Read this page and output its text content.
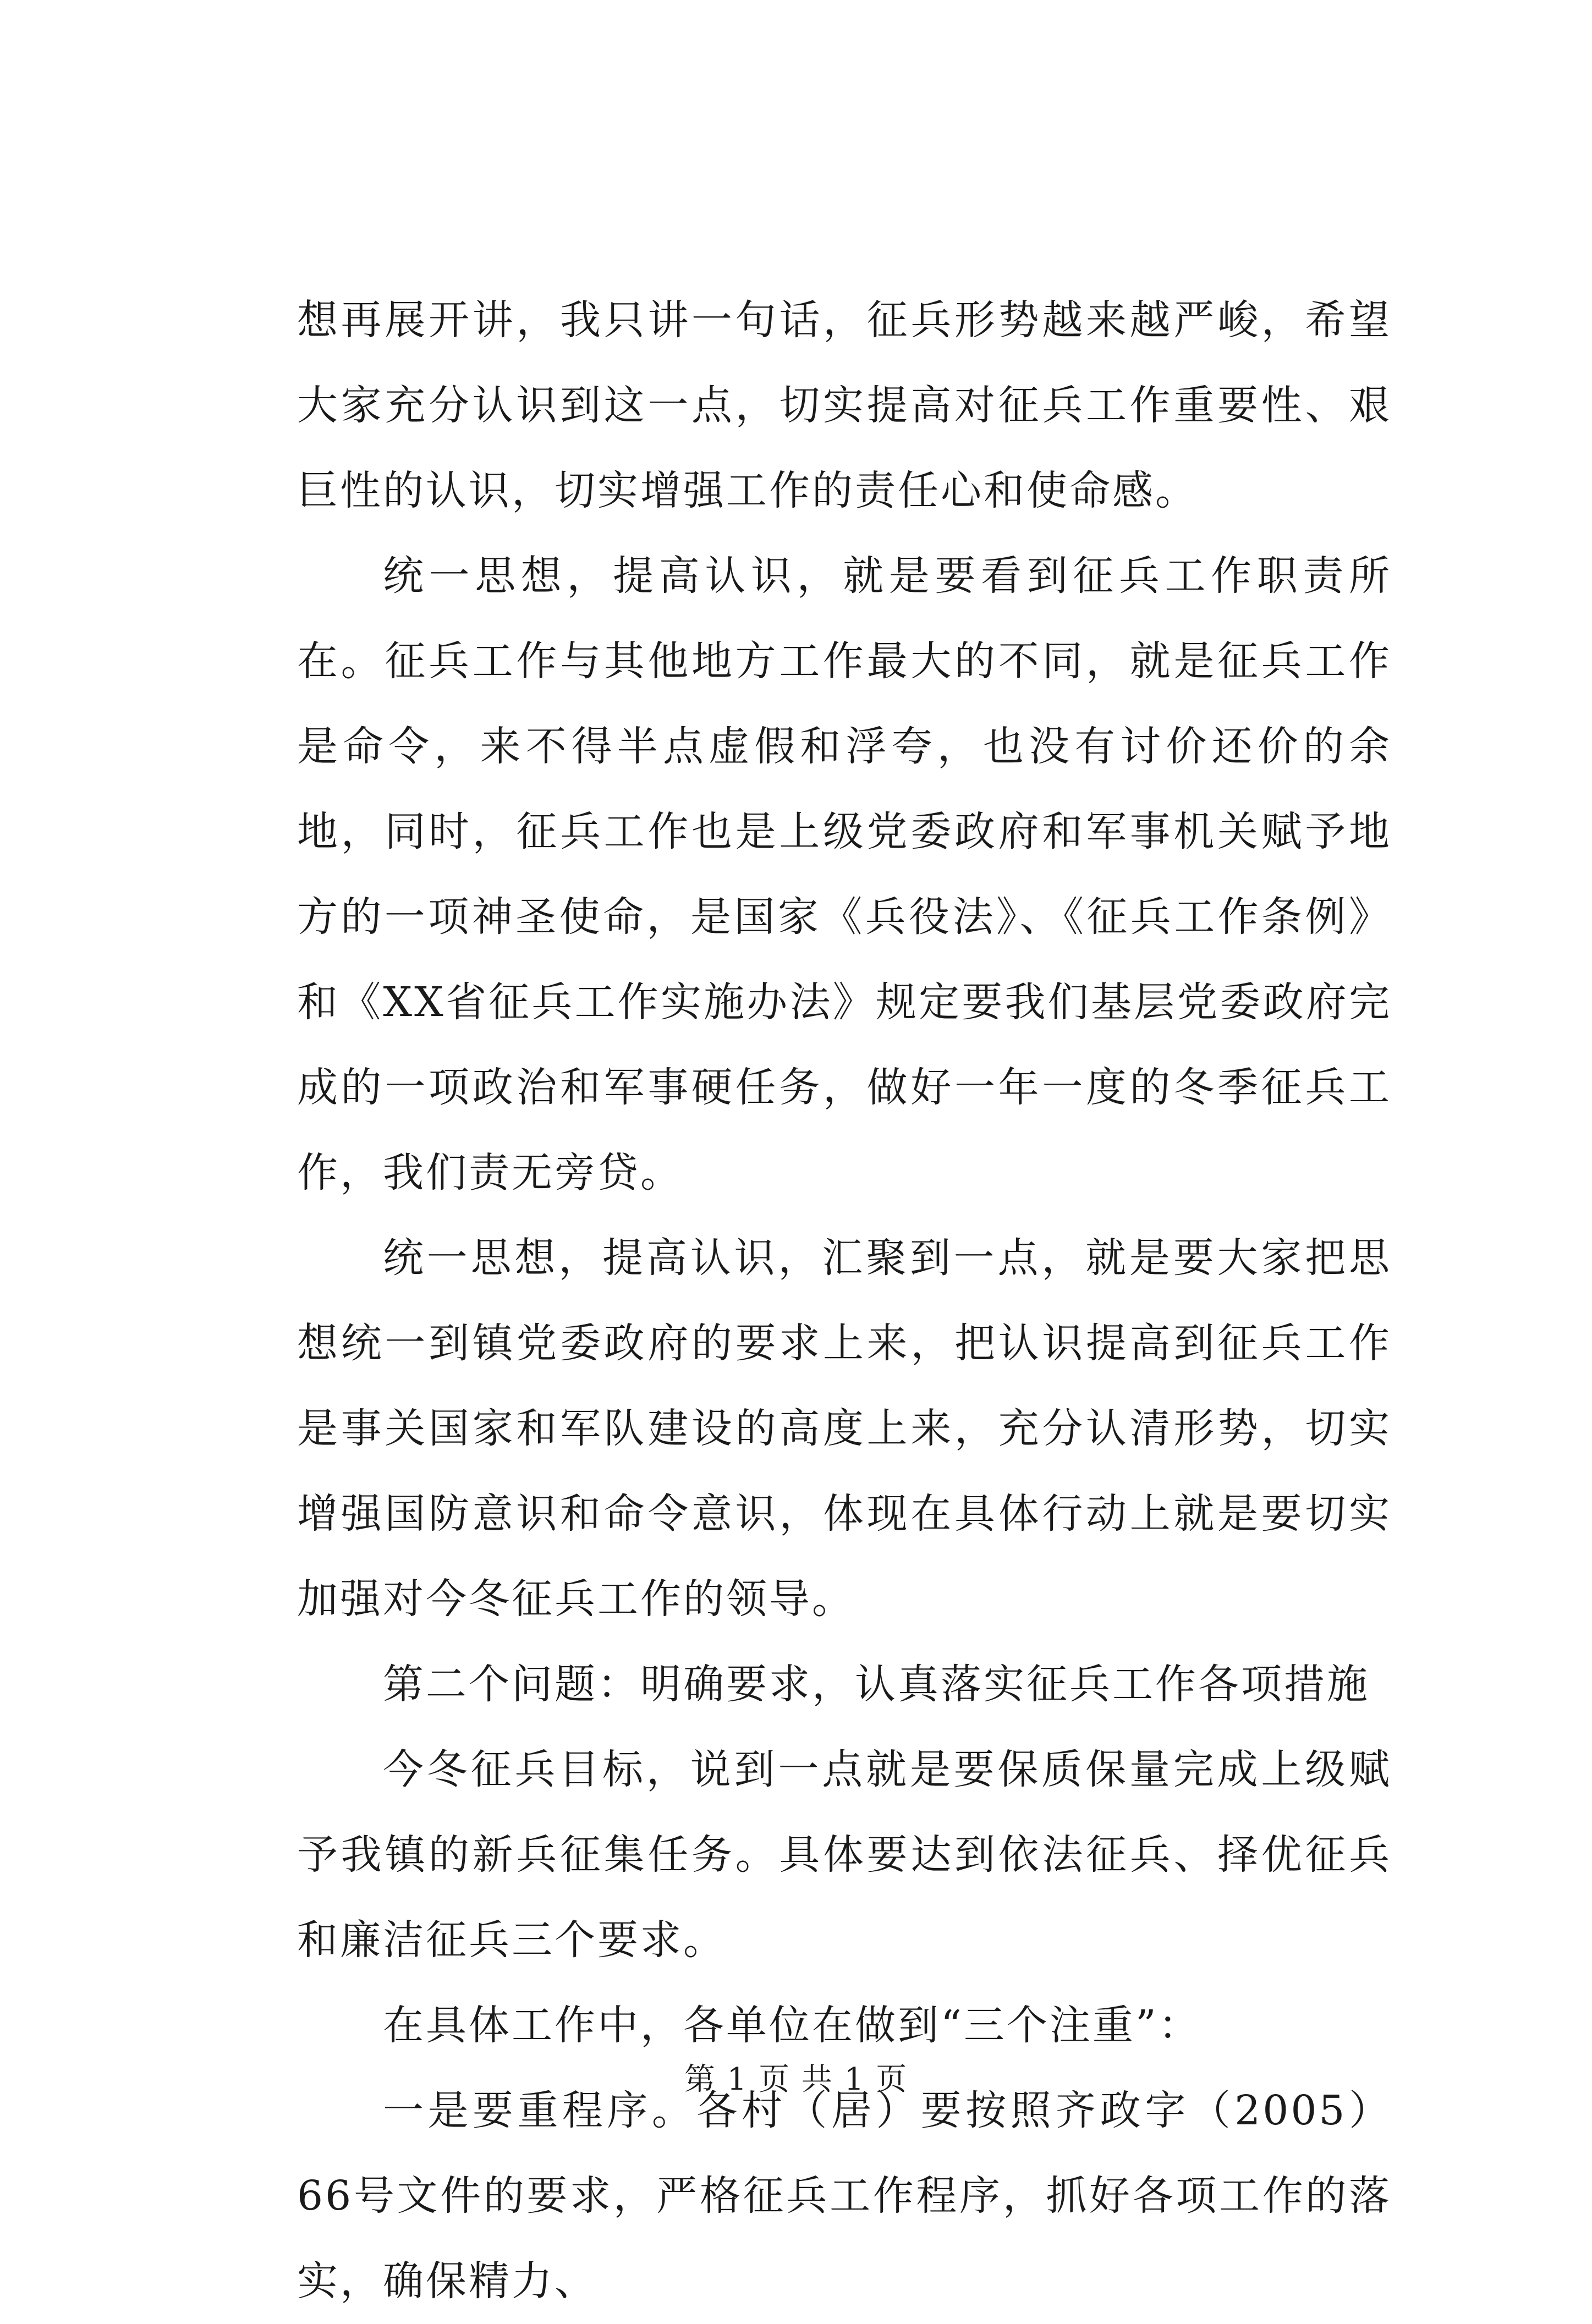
想再展开讲，我只讲一句话，征兵形势越来越严峻，希望大家充分认识到这一点，切实提高对征兵工作重要性、艰巨性的认识，切实增强工作的责任心和使命感。

统一思想，提高认识，就是要看到征兵工作职责所在。征兵工作与其他地方工作最大的不同，就是征兵工作是命令，来不得半点虚假和浮夸，也没有讨价还价的余地，同时，征兵工作也是上级党委政府和军事机关赋予地方的一项神圣使命，是国家《兵役法》、《征兵工作条例》和《XX省征兵工作实施办法》规定要我们基层党委政府完成的一项政治和军事硬任务，做好一年一度的冬季征兵工作，我们责无旁贷。

统一思想，提高认识，汇聚到一点，就是要大家把思想统一到镇党委政府的要求上来，把认识提高到征兵工作是事关国家和军队建设的高度上来，充分认清形势，切实增强国防意识和命令意识，体现在具体行动上就是要切实加强对今冬征兵工作的领导。

第二个问题：明确要求，认真落实征兵工作各项措施

今冬征兵目标，说到一点就是要保质保量完成上级赋予我镇的新兵征集任务。具体要达到依法征兵、择优征兵和廉洁征兵三个要求。

在具体工作中，各单位在做到“三个注重”：

一是要重程序。各村（居）要按照齐政字（2005）66号文件的要求，严格征兵工作程序，抓好各项工作的落实，确保精力、

第 1 页 共 1 页
